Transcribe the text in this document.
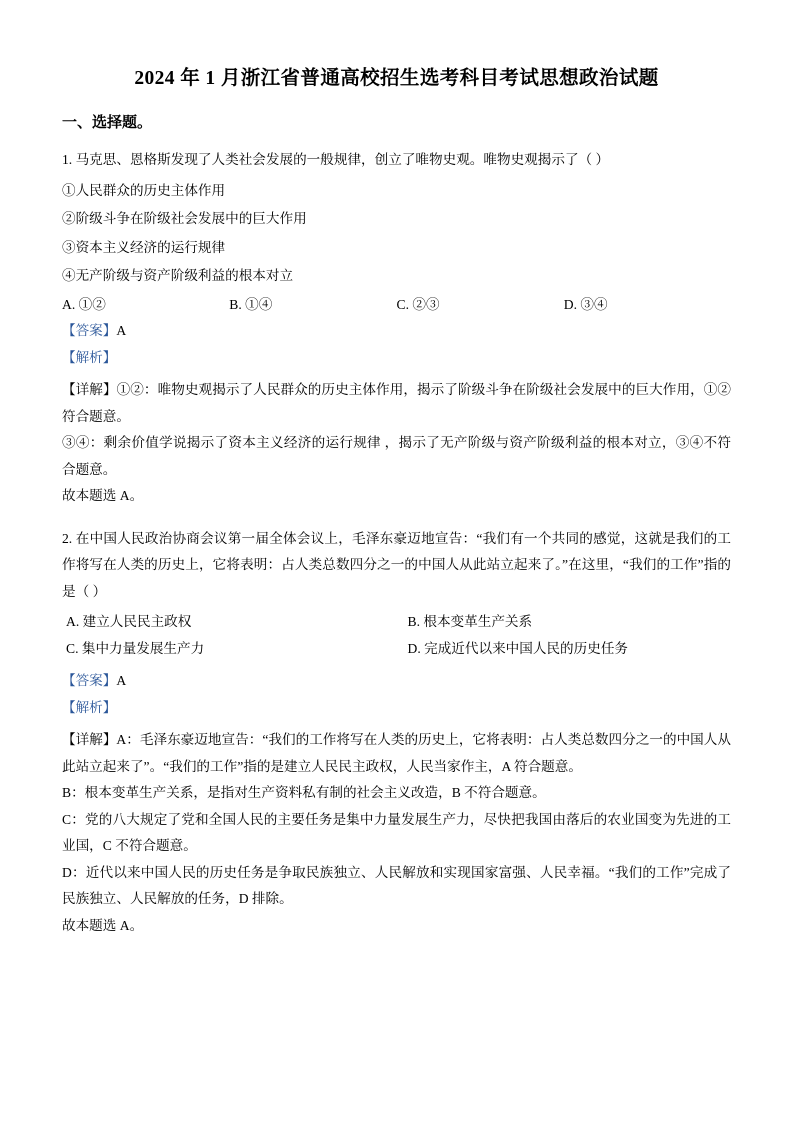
2024 年 1 月浙江省普通高校招生选考科目考试思想政治试题
一、选择题。
1. 马克思、恩格斯发现了人类社会发展的一般规律，创立了唯物史观。唯物史观揭示了（ ）
①人民群众的历史主体作用
②阶级斗争在阶级社会发展中的巨大作用
③资本主义经济的运行规律
④无产阶级与资产阶级利益的根本对立
A. ①②	B. ①④	C. ②③	D. ③④
【答案】A
【解析】
【详解】①②：唯物史观揭示了人民群众的历史主体作用，揭示了阶级斗争在阶级社会发展中的巨大作用，①②符合题意。
③④：剩余价值学说揭示了资本主义经济的运行规律 ，揭示了无产阶级与资产阶级利益的根本对立，③④不符合题意。
故本题选 A。
2. 在中国人民政治协商会议第一届全体会议上，毛泽东豪迈地宣告：“我们有一个共同的感觉，这就是我们的工作将写在人类的历史上，它将表明：占人类总数四分之一的中国人从此站立起来了。”在这里，“我们的工作”指的是（ ）
A. 建立人民民主政权	B. 根本变革生产关系
C. 集中力量发展生产力	D. 完成近代以来中国人民的历史任务
【答案】A
【解析】
【详解】A：毛泽东豪迈地宣告：“我们的工作将写在人类的历史上，它将表明：占人类总数四分之一的中国人从此站立起来了”。“我们的工作”指的是建立人民民主政权，人民当家作主，A 符合题意。
B：根本变革生产关系，是指对生产资料私有制的社会主义改造，B 不符合题意。
C：党的八大规定了党和全国人民的主要任务是集中力量发展生产力，尽快把我国由落后的农业国变为先进的工业国，C 不符合题意。
D：近代以来中国人民的历史任务是争取民族独立、人民解放和实现国家富强、人民幸福。“我们的工作”完成了民族独立、人民解放的任务，D 排除。
故本题选 A。
